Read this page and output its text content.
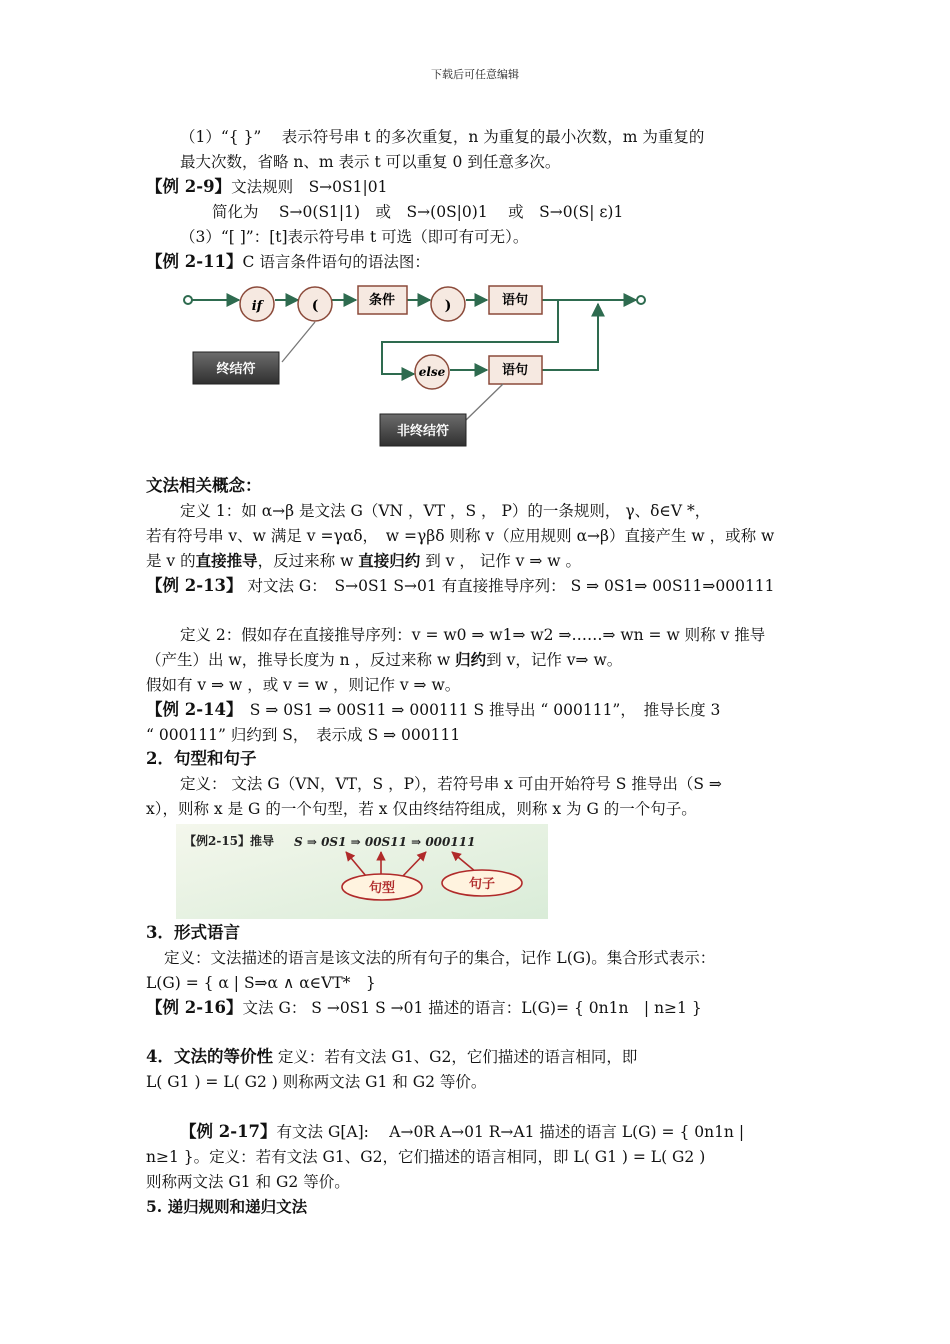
下载后可任意编辑
（1）“{ }”　 表示符号串 t 的多次重复，n 为重复的最小次数，m 为重复的
最大次数，省略 n、m 表示 t 可以重复 0 到任意多次。
【例 2-9】文法规则　S→0S1|01
简化为　 S→0(S1|1)　或　S→(0S|0)1　 或　S→0(S| ε)1
（3）“[ ]”：[t]表示符号串 t 可选（即可有可无）。
【例 2-11】C 语言条件语句的语法图：
if	(	条件	)	语句
else	语句
终结符
非终结符
文法相关概念：
定义 1：如 α→β 是文法 G（VN ，VT ，S ， P）的一条规则， γ、δ∈V *，
若有符号串 v、w 满足 v =γαδ，　w =γβδ 则称 v（应用规则 α→β）直接产生 w ，或称 w
是 v 的直接推导，反过来称 w 直接归约 到 v ， 记作 v ⇒ w 。
【例 2-13】 对文法 G：　S→0S1 S→01 有直接推导序列： S ⇒ 0S1⇒ 00S11⇒000111
定义 2：假如存在直接推导序列：v = w0 ⇒ w1⇒ w2 ⇒……⇒ wn = w 则称 v 推导
（产生）出 w，推导长度为 n ，反过来称 w 归约到 v，记作 v⇒ w。
假如有 v ⇒ w ，或 v = w ，则记作 v ⇒ w。
【例 2-14】　S ⇒ 0S1 ⇒ 00S11 ⇒ 000111 S 推导出 “ 000111”，　推导长度 3
“ 000111” 归约到 S，　表示成 S ⇒ 000111
2．句型和句子
定义： 文法 G（VN，VT，S ，P），若符号串 x 可由开始符号 S 推导出（S ⇒
x），则称 x 是 G 的一个句型，若 x 仅由终结符组成，则称 x 为 G 的一个句子。
【例2-15】推导 S ⇒ 0S1 ⇒ 00S11 ⇒ 000111
句型	句子
3．形式语言
定义：文法描述的语言是该文法的所有句子的集合，记作 L(G)。集合形式表示：
L(G) = { α | S⇒α ∧ α∈VT*　}
【例 2-16】文法 G： S →0S1 S →01 描述的语言：L(G)= { 0n1n　| n≥1 }
4．文法的等价性 定义：若有文法 G1、G2，它们描述的语言相同，即
L( G1 ) = L( G2 ) 则称两文法 G1 和 G2 等价。
【例 2-17】有文法 G[A]:　 A→0R A→01 R→A1 描述的语言 L(G) = { 0n1n |
n≥1 }。定义：若有文法 G1、G2，它们描述的语言相同，即 L( G1 ) = L( G2 )
则称两文法 G1 和 G2 等价。
5. 递归规则和递归文法
